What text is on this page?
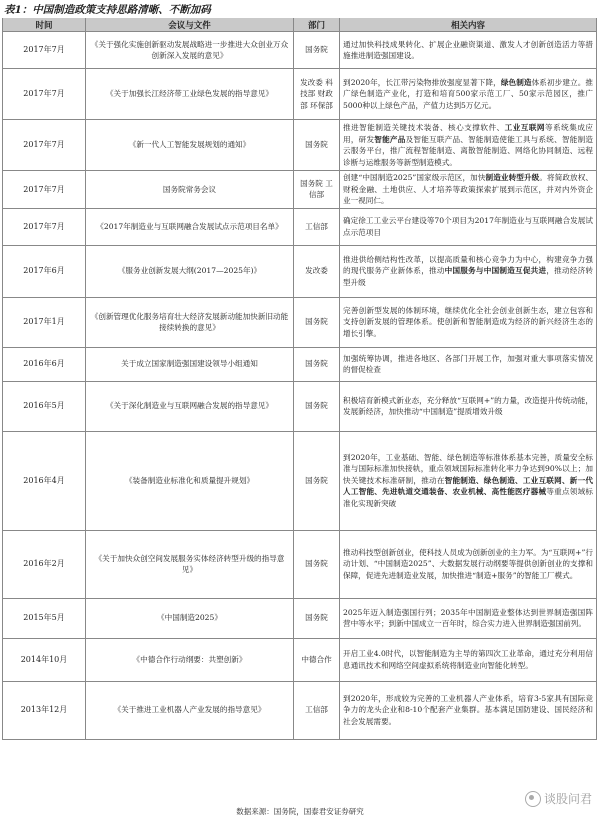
表1：中国制造政策支持思路清晰、不断加码
时间	会议与文件	部门	相关内容
2017年7月	《关于强化实施创新驱动发展战略进一步推进大众创业万众创新深入发展的意见》	国务院	通过加快科技成果转化、扩展企业融资渠道、激发人才创新创造活力等措施推进制造强国建设。
2017年7月	《关于加强长江经济带工业绿色发展的指导意见》	发改委 科技部 财政部 环保部	到2020年，长江带污染物排放强度显著下降，绿色制造体系初步建立。推广绿色制造产业化，打造和培育500家示范工厂、50家示范园区，推广5000种以上绿色产品，产值力达到5万亿元。
2017年7月	《新一代人工智能发展规划的通知》	国务院	推进智能制造关键技术装备、核心支撑软件、工业互联网等系统集成应用，研发智能产品及智能互联产品、智能制造使能工具与系统、智能制造云服务平台，推广流程智能制造、离散智能制造、网络化协同制造、远程诊断与运维服务等新型制造模式。
2017年7月	国务院常务会议	国务院 工信部	创建“中国制造2025”国家级示范区，加快制造业转型升级。将简政放权、财税金融、土地供应、人才培养等政策探索扩展到示范区，并对内外资企业一视同仁。
2017年7月	《2017年制造业与互联网融合发展试点示范项目名单》	工信部	确定徐工工业云平台建设等70个项目为2017年制造业与互联网融合发展试点示范项目
2017年6月	《服务业创新发展大纲(2017—2025年)》	发改委	推进供给侧结构性改革，以提高质量和核心竞争力为中心，构建竞争力强的现代服务产业新体系，推动中国服务与中国制造互促共进，推动经济转型升级
2017年1月	《创新管理优化服务培育壮大经济发展新动能加快新旧动能接续转换的意见》	国务院	完善创新型发展的体制环境，继续优化全社会创业创新生态，建立包容和支持创新发展的管理体系。使创新和智能制造成为经济的新兴经济生态的增长引擎。
2016年6月	关于成立国家制造强国建设领导小组通知	国务院	加强统筹协调，推进各地区、各部门开展工作，加强对重大事项落实情况的督促检查
2016年5月	《关于深化制造业与互联网融合发展的指导意见》	国务院	积极培育新模式新业态，充分释放“互联网+”的力量，改造提升传统动能，发展新经济，加快推动“中国制造”提质增效升级
2016年4月	《装备制造业标准化和质量提升规划》	国务院	到2020年，工业基础、智能、绿色制造等标准体系基本完善，质量安全标准与国际标准加快接轨，重点领域国际标准转化率力争达到90%以上；加快关键技术标准研制，推动在智能制造、绿色制造、工业互联网、新一代人工智能、先进轨道交通装备、农业机械、高性能医疗器械等重点领域标准化实现新突破
2016年2月	《关于加快众创空间发展服务实体经济转型升级的指导意见》	国务院	推动科技型创新创业，使科技人员成为创新创业的主力军。为“互联网+”行动计划、“中国制造2025”、大数据发展行动纲要等提供创新创业的支撑和保障，促进先进制造业发展，加快推进“制造+服务”的智能工厂模式。
2015年5月	《中国制造2025》	国务院	2025年迈入制造强国行列；2035年中国制造业整体达到世界制造强国阵营中等水平；到新中国成立一百年时，综合实力进入世界制造强国前列。
2014年10月	《中德合作行动纲要：共塑创新》	中德合作	开启工业4.0时代，以智能制造为主导的第四次工业革命，通过充分利用信息通讯技术和网络空间虚拟系统将制造业向智能化转型。
2013年12月	《关于推进工业机器人产业发展的指导意见》	工信部	到2020年，形成较为完善的工业机器人产业体系，培育3-5家具有国际竞争力的龙头企业和8-10个配套产业集群。基本满足国防建设、国民经济和社会发展需要。
数据来源：国务院，国泰君安证券研究
谈股问君
